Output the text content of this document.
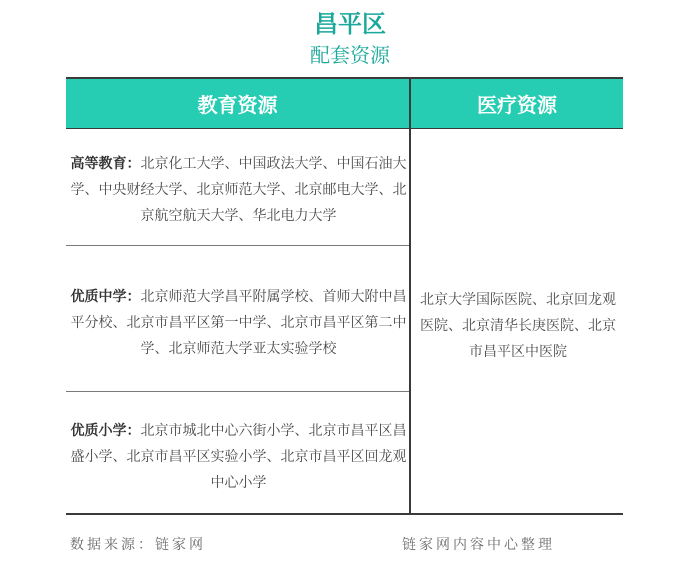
昌平区
配套资源
教育资源	医疗资源
高等教育：北京化工大学、中国政法大学、中国石油大学、中央财经大学、北京师范大学、北京邮电大学、北京航空航天大学、华北电力大学
优质中学：北京师范大学昌平附属学校、首师大附中昌平分校、北京市昌平区第一中学、北京市昌平区第二中学、北京师范大学亚太实验学校
优质小学：北京市城北中心六街小学、北京市昌平区昌盛小学、北京市昌平区实验小学、北京市昌平区回龙观中心小学
北京大学国际医院、北京回龙观医院、北京清华长庚医院、北京市昌平区中医院
数据来源：链家网	链家网内容中心整理
